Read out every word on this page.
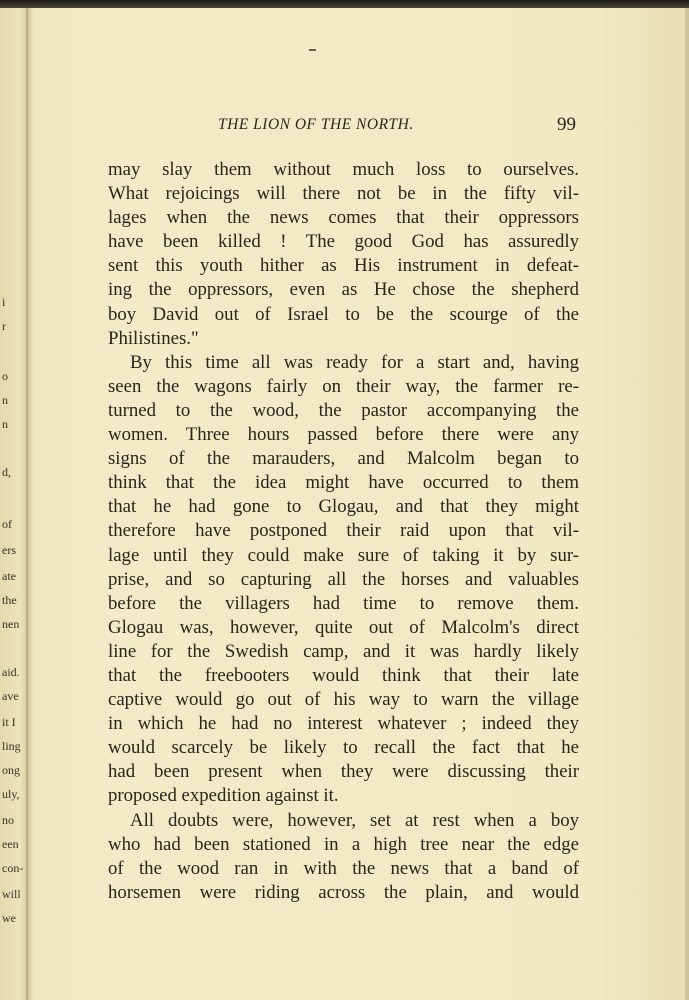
i
r
o
n
n
d,
of
ers
ate
the
nen
aid.
ave
it I
ling
ong
uly,
no
een
con-
will
we
THE LION OF THE NORTH.	99
may slay them without much loss to ourselves.
What rejoicings will there not be in the fifty vil-
lages when the news comes that their oppressors
have been killed ! The good God has assuredly
sent this youth hither as His instrument in defeat-
ing the oppressors, even as He chose the shepherd
boy David out of Israel to be the scourge of the
Philistines."
By this time all was ready for a start and, having
seen the wagons fairly on their way, the farmer re-
turned to the wood, the pastor accompanying the
women. Three hours passed before there were any
signs of the marauders, and Malcolm began to
think that the idea might have occurred to them
that he had gone to Glogau, and that they might
therefore have postponed their raid upon that vil-
lage until they could make sure of taking it by sur-
prise, and so capturing all the horses and valuables
before the villagers had time to remove them.
Glogau was, however, quite out of Malcolm's direct
line for the Swedish camp, and it was hardly likely
that the freebooters would think that their late
captive would go out of his way to warn the village
in which he had no interest whatever ; indeed they
would scarcely be likely to recall the fact that he
had been present when they were discussing their
proposed expedition against it.
All doubts were, however, set at rest when a boy
who had been stationed in a high tree near the edge
of the wood ran in with the news that a band of
horsemen were riding across the plain, and would
